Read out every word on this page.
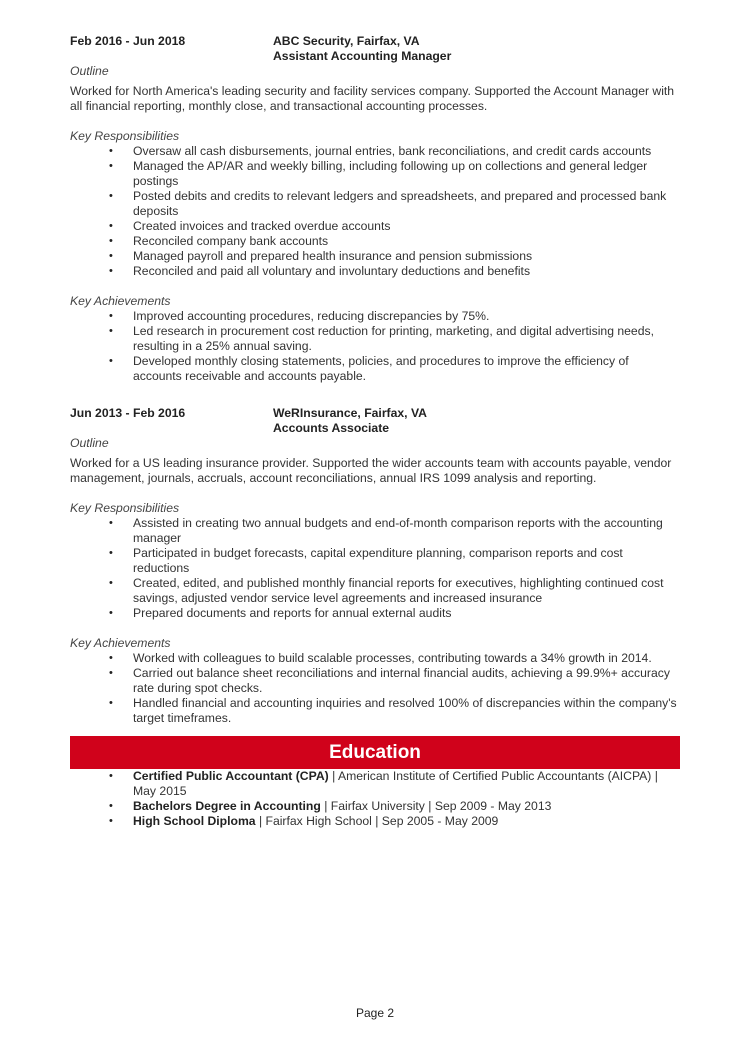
Feb 2016 - Jun 2018	ABC Security, Fairfax, VA
Assistant Accounting Manager

Outline

Worked for North America's leading security and facility services company. Supported the Account Manager with all financial reporting, monthly close, and transactional accounting processes.

Key Responsibilities

• Oversaw all cash disbursements, journal entries, bank reconciliations, and credit cards accounts
• Managed the AP/AR and weekly billing, including following up on collections and general ledger postings
• Posted debits and credits to relevant ledgers and spreadsheets, and prepared and processed bank deposits
• Created invoices and tracked overdue accounts
• Reconciled company bank accounts
• Managed payroll and prepared health insurance and pension submissions
• Reconciled and paid all voluntary and involuntary deductions and benefits

Key Achievements

• Improved accounting procedures, reducing discrepancies by 75%.
• Led research in procurement cost reduction for printing, marketing, and digital advertising needs, resulting in a 25% annual saving.
• Developed monthly closing statements, policies, and procedures to improve the efficiency of accounts receivable and accounts payable.
Jun 2013 - Feb 2016	WeRInsurance, Fairfax, VA
Accounts Associate

Outline

Worked for a US leading insurance provider. Supported the wider accounts team with accounts payable, vendor management, journals, accruals, account reconciliations, annual IRS 1099 analysis and reporting.

Key Responsibilities

• Assisted in creating two annual budgets and end-of-month comparison reports with the accounting manager
• Participated in budget forecasts, capital expenditure planning, comparison reports and cost reductions
• Created, edited, and published monthly financial reports for executives, highlighting continued cost savings, adjusted vendor service level agreements and increased insurance
• Prepared documents and reports for annual external audits

Key Achievements

• Worked with colleagues to build scalable processes, contributing towards a 34% growth in 2014.
• Carried out balance sheet reconciliations and internal financial audits, achieving a 99.9%+ accuracy rate during spot checks.
• Handled financial and accounting inquiries and resolved 100% of discrepancies within the company's target timeframes.
Education
• Certified Public Accountant (CPA) | American Institute of Certified Public Accountants (AICPA) | May 2015
• Bachelors Degree in Accounting | Fairfax University | Sep 2009 - May 2013
• High School Diploma | Fairfax High School | Sep 2005 - May 2009
Page 2
